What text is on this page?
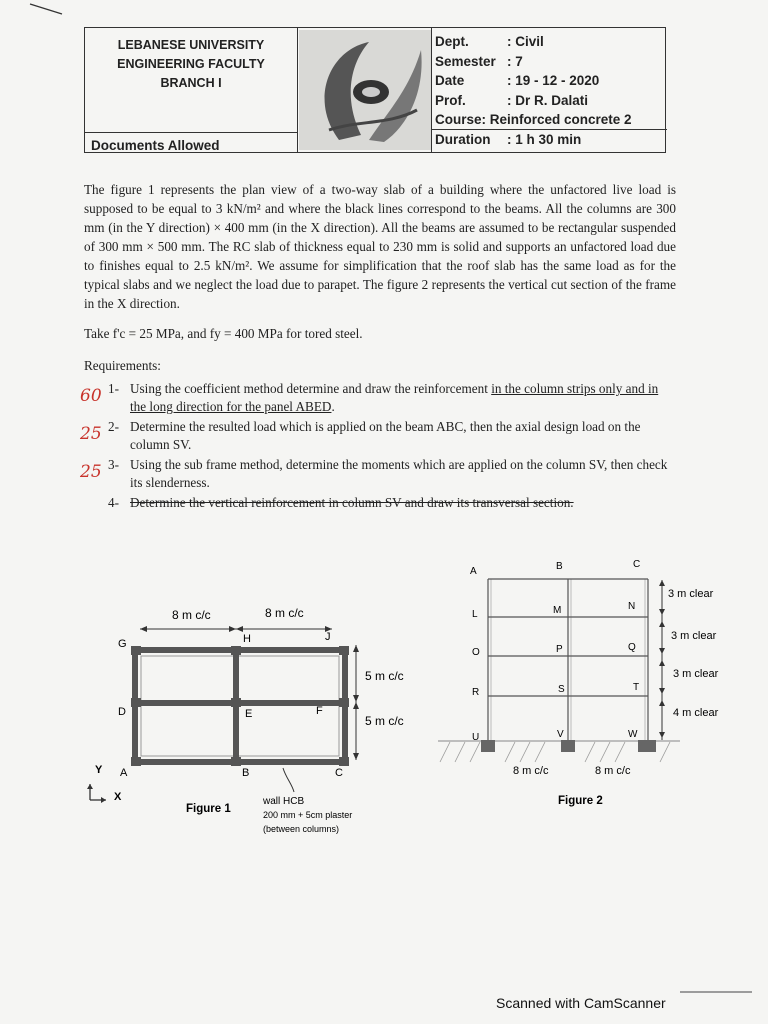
LEBANESE UNIVERSITY
ENGINEERING FACULTY
BRANCH I
Documents Allowed
Dept.	: Civil
Semester : 7
Date	: 19 - 12 - 2020
Prof.	: Dr R. Dalati
Course: Reinforced concrete 2
Duration : 1 h 30 min

The figure 1 represents the plan view of a two-way slab of a building where the unfactored live load is supposed to be equal to 3 kN/m² and where the black lines correspond to the beams. All the columns are 300 mm (in the Y direction) × 400 mm (in the X direction). All the beams are assumed to be rectangular suspended of 300 mm × 500 mm. The RC slab of thickness equal to 230 mm is solid and supports an unfactored load due to finishes equal to 2.5 kN/m². We assume for simplification that the roof slab has the same load as for the typical slabs and we neglect the load due to parapet. The figure 2 represents the vertical cut section of the frame in the X direction.

Take f'c = 25 MPa, and fy = 400 MPa for tored steel.
Requirements:
1- Using the coefficient method determine and draw the reinforcement in the column strips only and in the long direction for the panel ABED.
60
2- Determine the resulted load which is applied on the beam ABC, then the axial design load on the column SV.
25
3- Using the sub frame method, determine the moments which are applied on the column SV, then check its slenderness.
25
4- Determine the vertical reinforcement in column SV and draw its transversal section.
8 m c/c	8 m c/c
5 m c/c
5 m c/c
G	H	J
D	E	F
A	B	C
Y
X	wall HCB
200 mm + 5cm plaster
(between columns)
Figure 1
A
L
O
R
U
B
M
P
S
V
C
N
Q
T
W
3 m clear
3 m clear
3 m clear
4 m clear
8 m c/c	8 m c/c
Figure 2
Scanned with CamScanner
